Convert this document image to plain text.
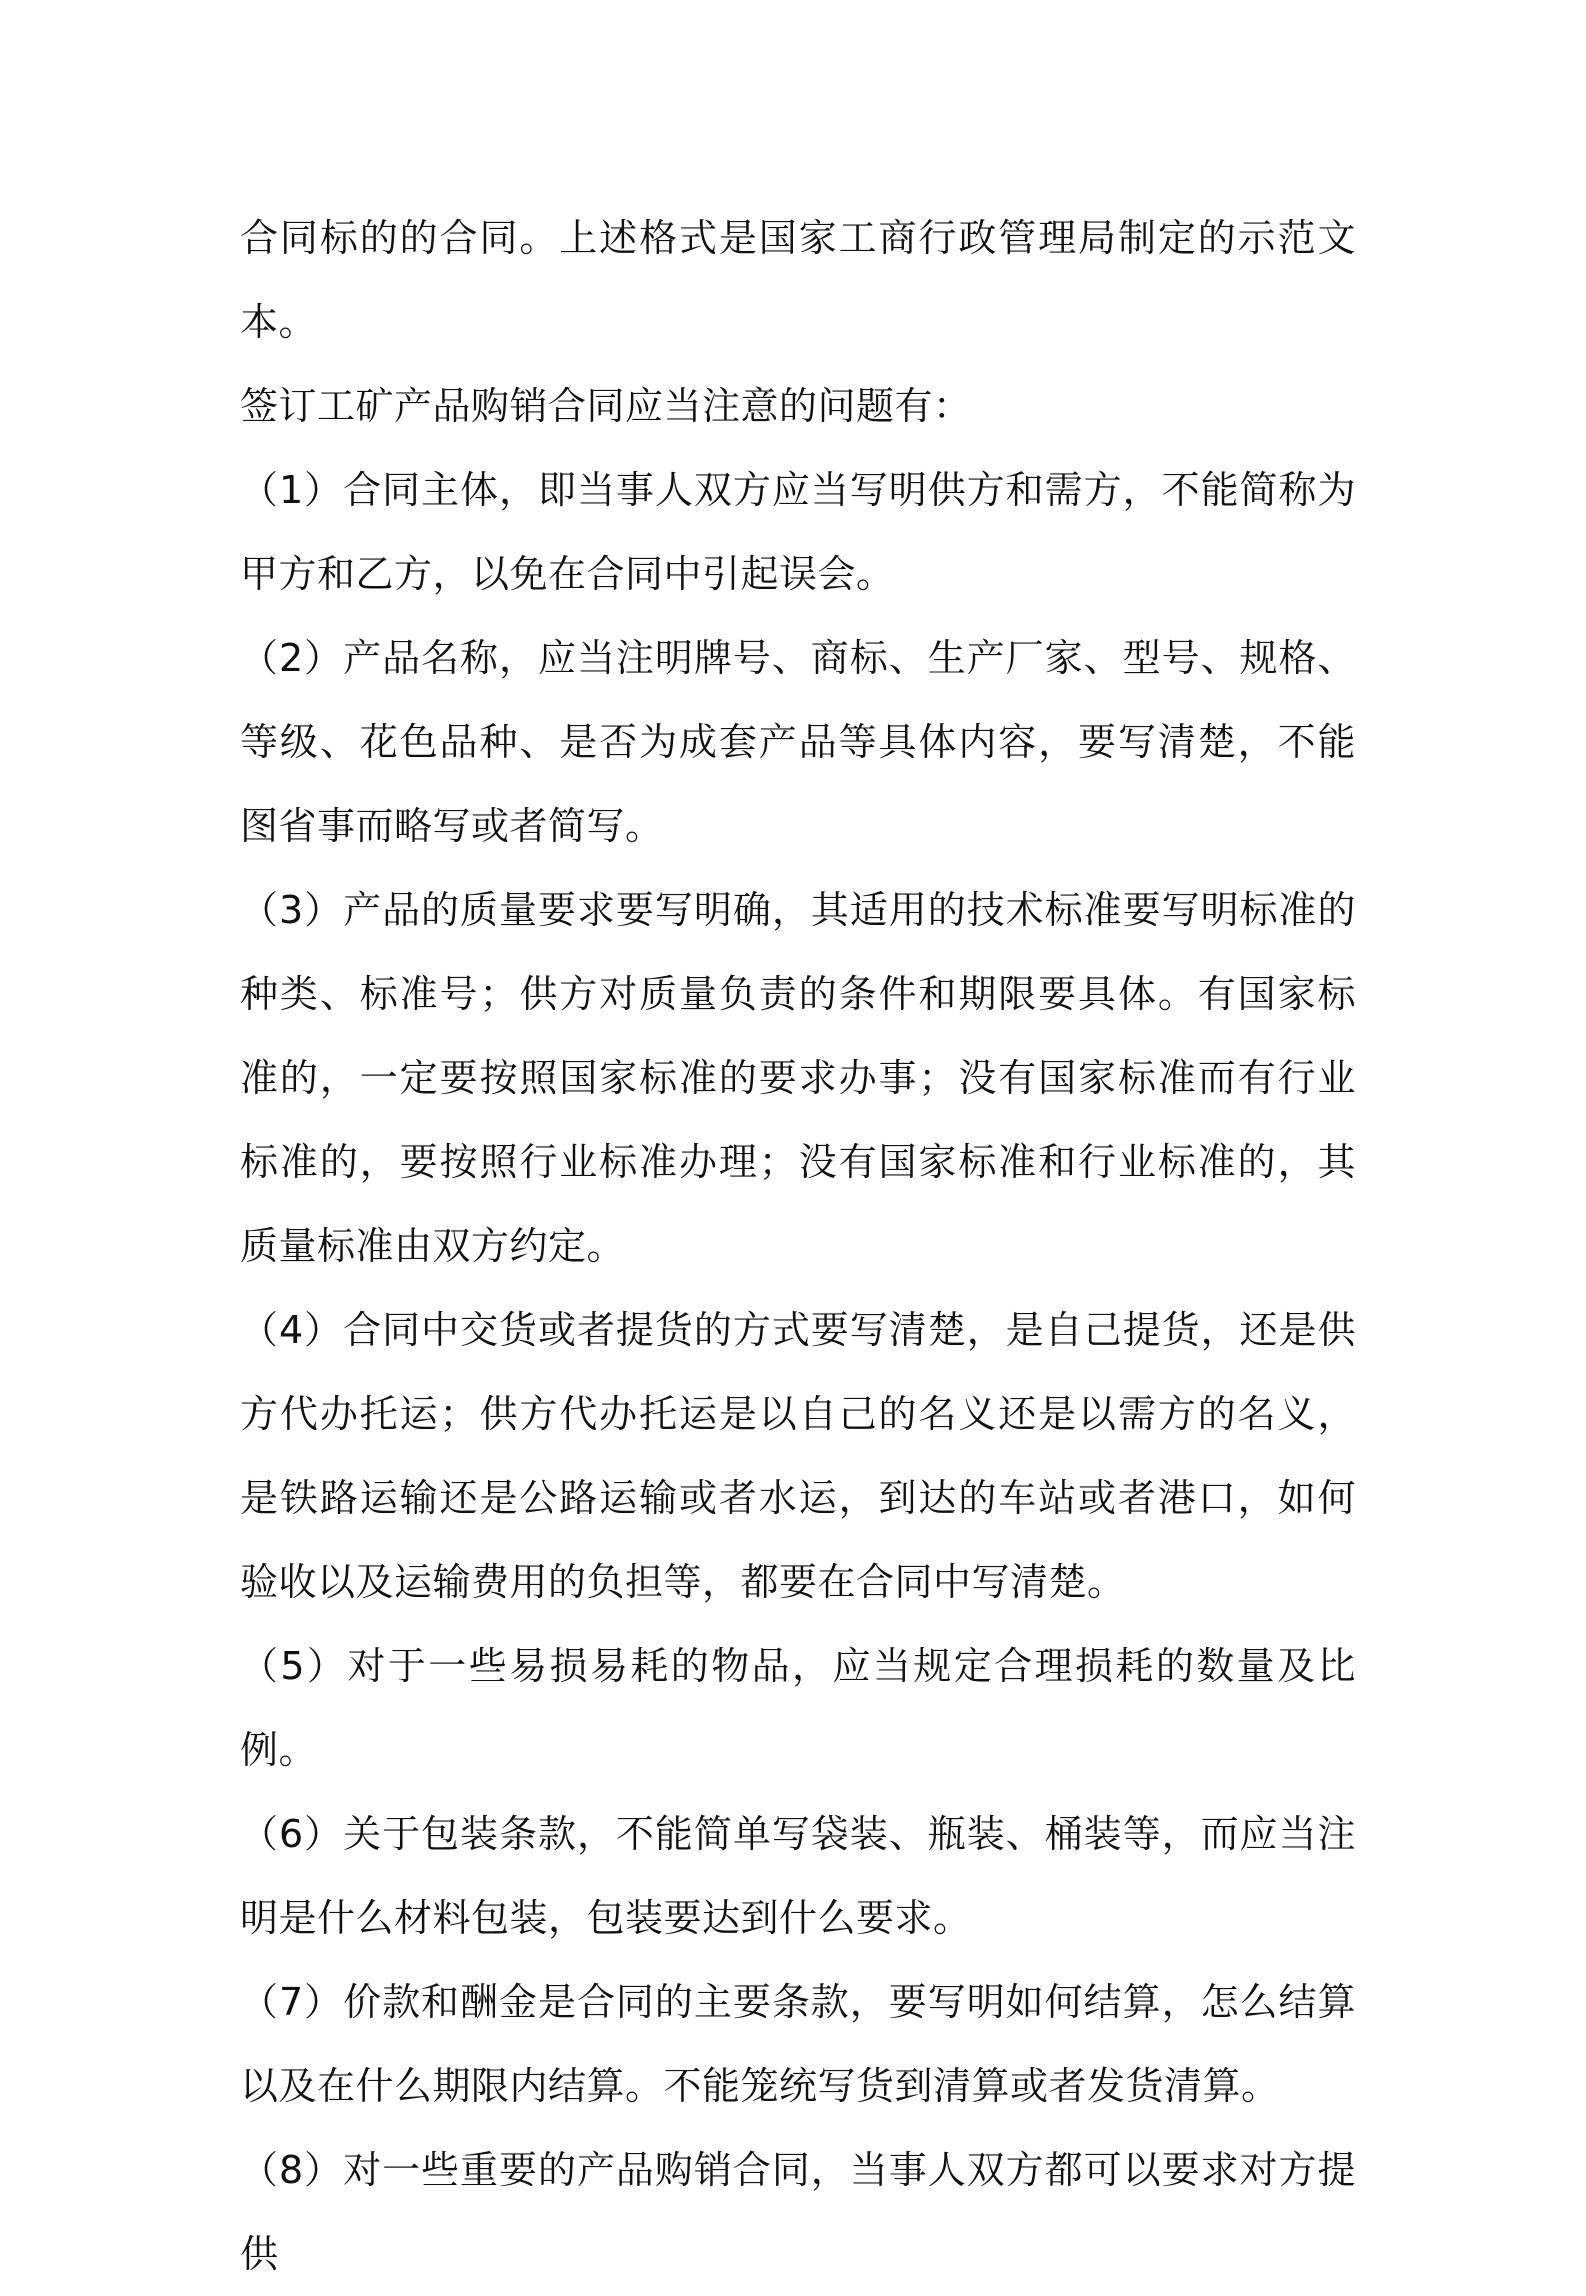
合同标的的合同。上述格式是国家工商行政管理局制定的示范文本。

签订工矿产品购销合同应当注意的问题有：

（1）合同主体，即当事人双方应当写明供方和需方，不能简称为甲方和乙方，以免在合同中引起误会。

（2）产品名称，应当注明牌号、商标、生产厂家、型号、规格、等级、花色品种、是否为成套产品等具体内容，要写清楚，不能图省事而略写或者简写。

（3）产品的质量要求要写明确，其适用的技术标准要写明标准的种类、标准号；供方对质量负责的条件和期限要具体。有国家标准的，一定要按照国家标准的要求办事；没有国家标准而有行业标准的，要按照行业标准办理；没有国家标准和行业标准的，其质量标准由双方约定。

（4）合同中交货或者提货的方式要写清楚，是自己提货，还是供方代办托运；供方代办托运是以自己的名义还是以需方的名义，是铁路运输还是公路运输或者水运，到达的车站或者港口，如何验收以及运输费用的负担等，都要在合同中写清楚。

（5）对于一些易损易耗的物品，应当规定合理损耗的数量及比例。

（6）关于包装条款，不能简单写袋装、瓶装、桶装等，而应当注明是什么材料包装，包装要达到什么要求。

（7）价款和酬金是合同的主要条款，要写明如何结算，怎么结算以及在什么期限内结算。不能笼统写货到清算或者发货清算。

（8）对一些重要的产品购销合同，当事人双方都可以要求对方提供
